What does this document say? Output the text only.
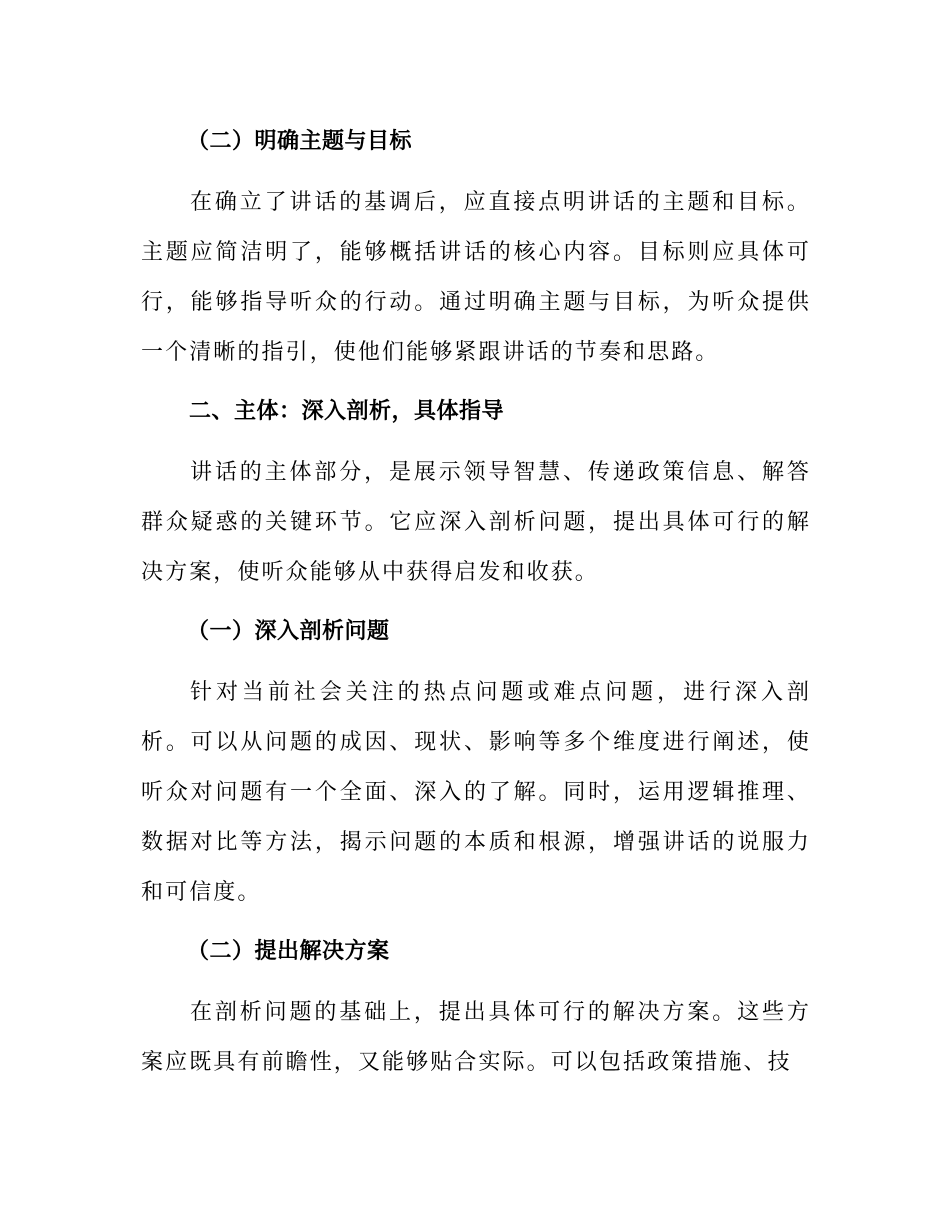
（二）明确主题与目标

在确立了讲话的基调后，应直接点明讲话的主题和目标。主题应简洁明了，能够概括讲话的核心内容。目标则应具体可行，能够指导听众的行动。通过明确主题与目标，为听众提供一个清晰的指引，使他们能够紧跟讲话的节奏和思路。

二、主体：深入剖析，具体指导

讲话的主体部分，是展示领导智慧、传递政策信息、解答群众疑惑的关键环节。它应深入剖析问题，提出具体可行的解决方案，使听众能够从中获得启发和收获。

（一）深入剖析问题

针对当前社会关注的热点问题或难点问题，进行深入剖析。可以从问题的成因、现状、影响等多个维度进行阐述，使听众对问题有一个全面、深入的了解。同时，运用逻辑推理、数据对比等方法，揭示问题的本质和根源，增强讲话的说服力和可信度。

（二）提出解决方案

在剖析问题的基础上，提出具体可行的解决方案。这些方案应既具有前瞻性，又能够贴合实际。可以包括政策措施、技
